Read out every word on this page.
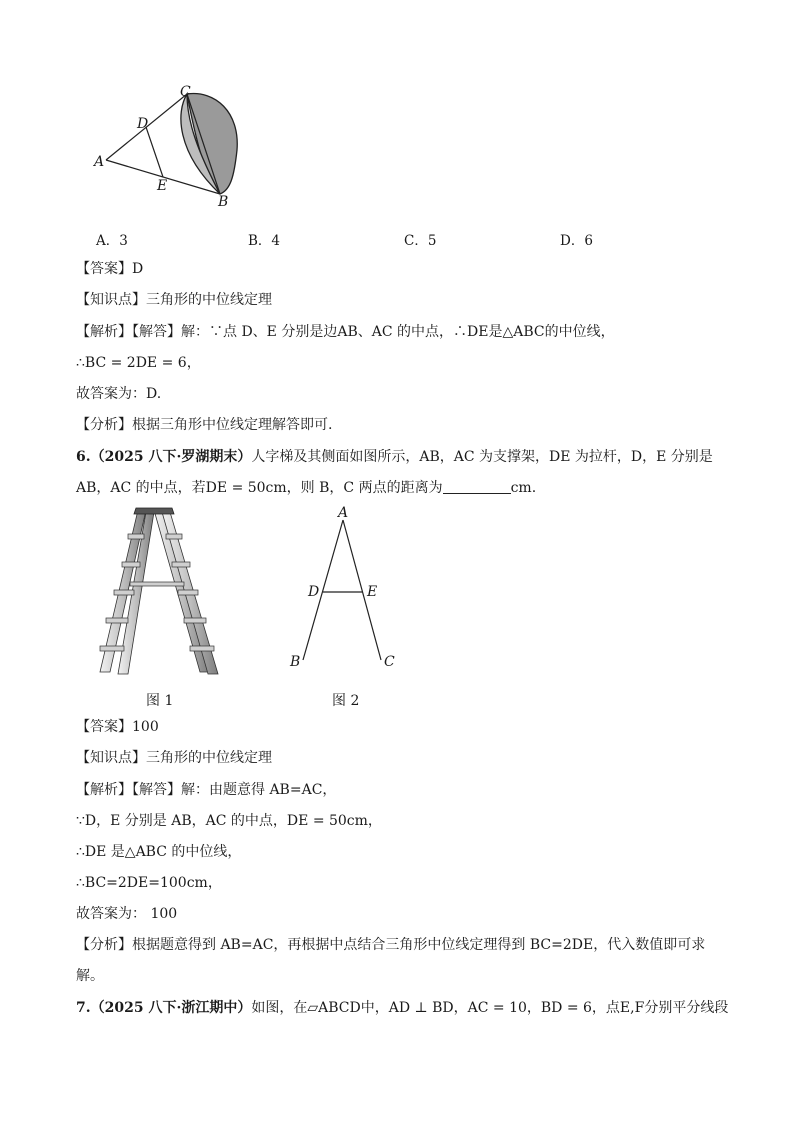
C
D
A
E
B
A．3	B．4	C．5	D．6
【答案】D
【知识点】三角形的中位线定理
【解析】【解答】解：∵点 D、E 分别是边AB、AC 的中点，∴DE是△ABC的中位线，
∴BC = 2DE = 6，
故答案为：D.
【分析】根据三角形中位线定理解答即可.
6.（2025 八下·罗湖期末）人字梯及其侧面如图所示，AB，AC 为支撑架，DE 为拉杆，D，E 分别是
AB，AC 的中点，若DE = 50cm，则 B，C 两点的距离为	cm.
图 1
A
D	E
B	C
图 2
【答案】100
【知识点】三角形的中位线定理
【解析】【解答】解：由题意得 AB=AC，
∵D，E 分别是 AB，AC 的中点，DE = 50cm，
∴DE 是△ABC 的中位线，
∴BC=2DE=100cm，
故答案为： 100
【分析】根据题意得到 AB=AC，再根据中点结合三角形中位线定理得到 BC=2DE，代入数值即可求
解。
7.（2025 八下·浙江期中）如图，在▱ABCD中，AD ⊥ BD，AC = 10，BD = 6，点E,F分别平分线段
